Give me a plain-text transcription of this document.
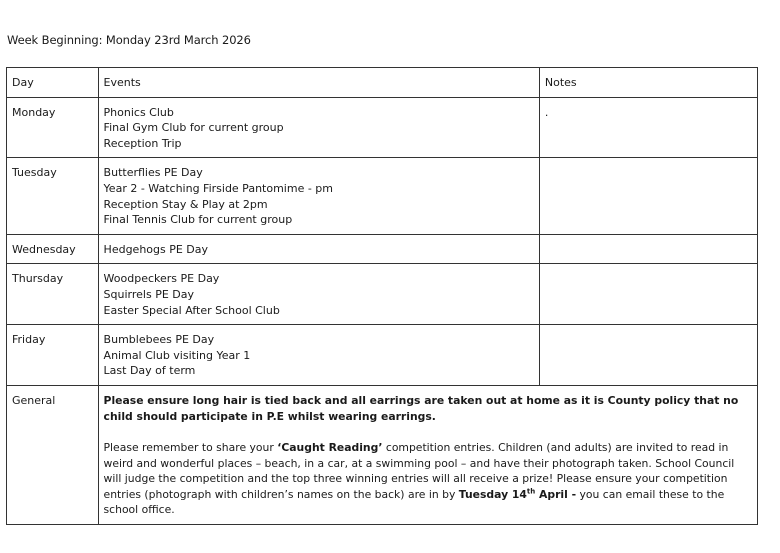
Week Beginning: Monday 23rd March 2026
Day	Events	Notes
Monday	Phonics Club
Final Gym Club for current group
Reception Trip	.
Tuesday	Butterflies PE Day
Year 2 - Watching Firside Pantomime - pm
Reception Stay & Play at 2pm
Final Tennis Club for current group	

Wednesday	Hedgehogs PE Day	

Thursday	Woodpeckers PE Day
Squirrels PE Day
Easter Special After School Club	

Friday	Bumblebees PE Day
Animal Club visiting Year 1
Last Day of term	

General	Please ensure long hair is tied back and all earrings are taken out at home as it is County policy that no child should participate in P.E whilst wearing earrings.
Please remember to share your ‘Caught Reading’ competition entries. Children (and adults) are invited to read in weird and wonderful places – beach, in a car, at a swimming pool – and have their photograph taken. School Council will judge the competition and the top three winning entries will all receive a prize! Please ensure your competition entries (photograph with children’s names on the back) are in by Tuesday 14th April - you can email these to the school office.	
